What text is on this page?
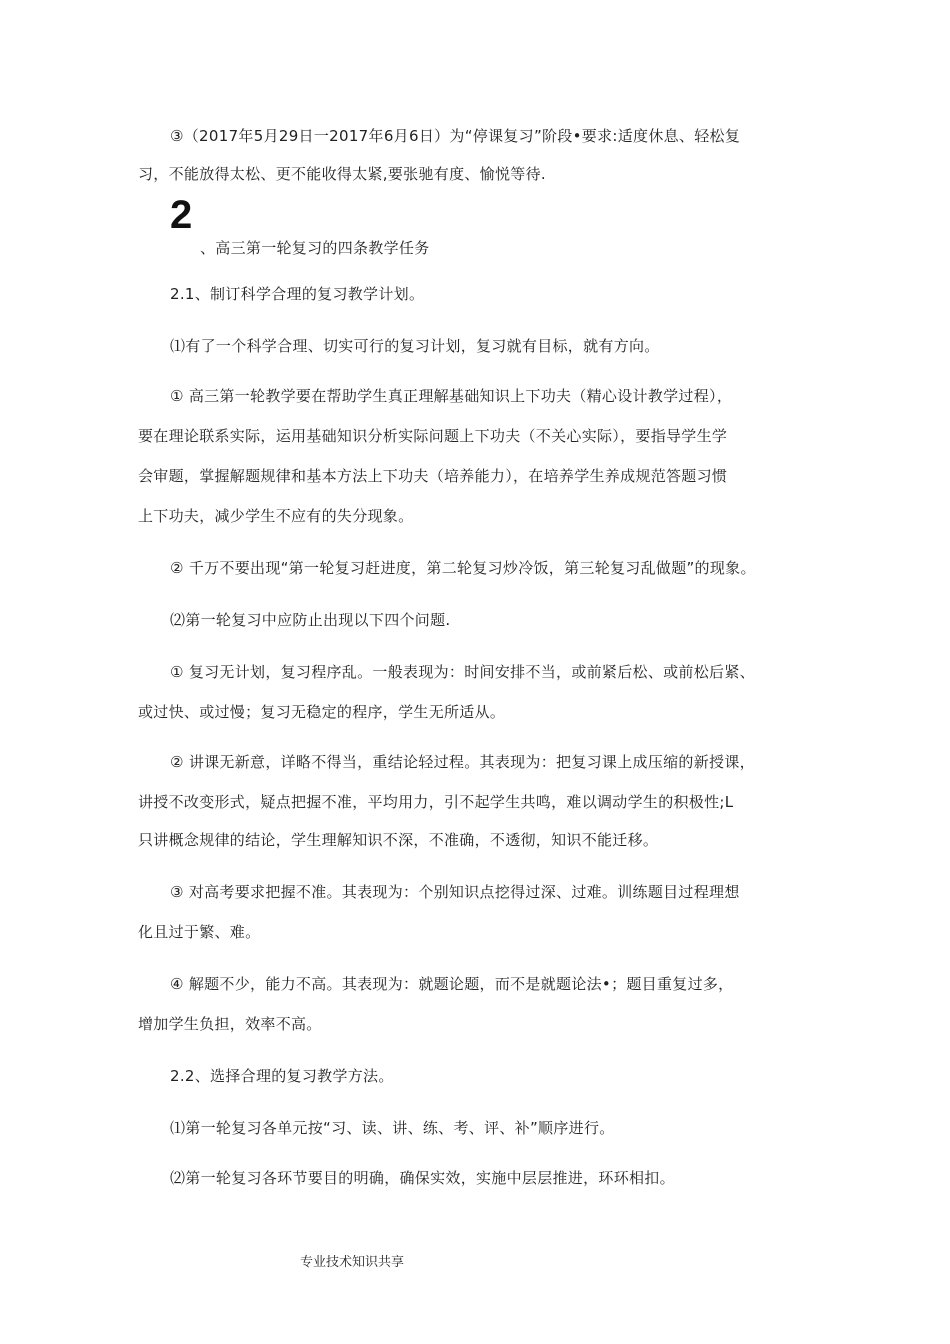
③（2017年5月29日一2017年6月6日）为“停课复习”阶段•要求:适度休息、轻松复
习，不能放得太松、更不能收得太紧,要张驰有度、愉悦等待.
2
、高三第一轮复习的四条教学任务
2.1、制订科学合理的复习教学计划。
⑴有了一个科学合理、切实可行的复习计划，复习就有目标，就有方向。
① 高三第一轮教学要在帮助学生真正理解基础知识上下功夫（精心设计教学过程），
要在理论联系实际，运用基础知识分析实际问题上下功夫（不关心实际），要指导学生学
会审题，掌握解题规律和基本方法上下功夫（培养能力），在培养学生养成规范答题习惯
上下功夫，减少学生不应有的失分现象。
② 千万不要出现“第一轮复习赶进度，第二轮复习炒冷饭，第三轮复习乱做题”的现象。
⑵第一轮复习中应防止出现以下四个问题.
① 复习无计划，复习程序乱。一般表现为：时间安排不当，或前紧后松、或前松后紧、
或过快、或过慢；复习无稳定的程序，学生无所适从。
② 讲课无新意，详略不得当，重结论轻过程。其表现为：把复习课上成压缩的新授课，
讲授不改变形式，疑点把握不准，平均用力，引不起学生共鸣，难以调动学生的积极性;L
只讲概念规律的结论，学生理解知识不深，不准确，不透彻，知识不能迁移。
③ 对高考要求把握不准。其表现为：个别知识点挖得过深、过难。训练题目过程理想
化且过于繁、难。
④ 解题不少，能力不高。其表现为：就题论题，而不是就题论法•；题目重复过多，
增加学生负担，效率不高。
2.2、选择合理的复习教学方法。
⑴第一轮复习各单元按“习、读、讲、练、考、评、补”顺序进行。
⑵第一轮复习各环节要目的明确，确保实效，实施中层层推进，环环相扣。
专业技术知识共享
